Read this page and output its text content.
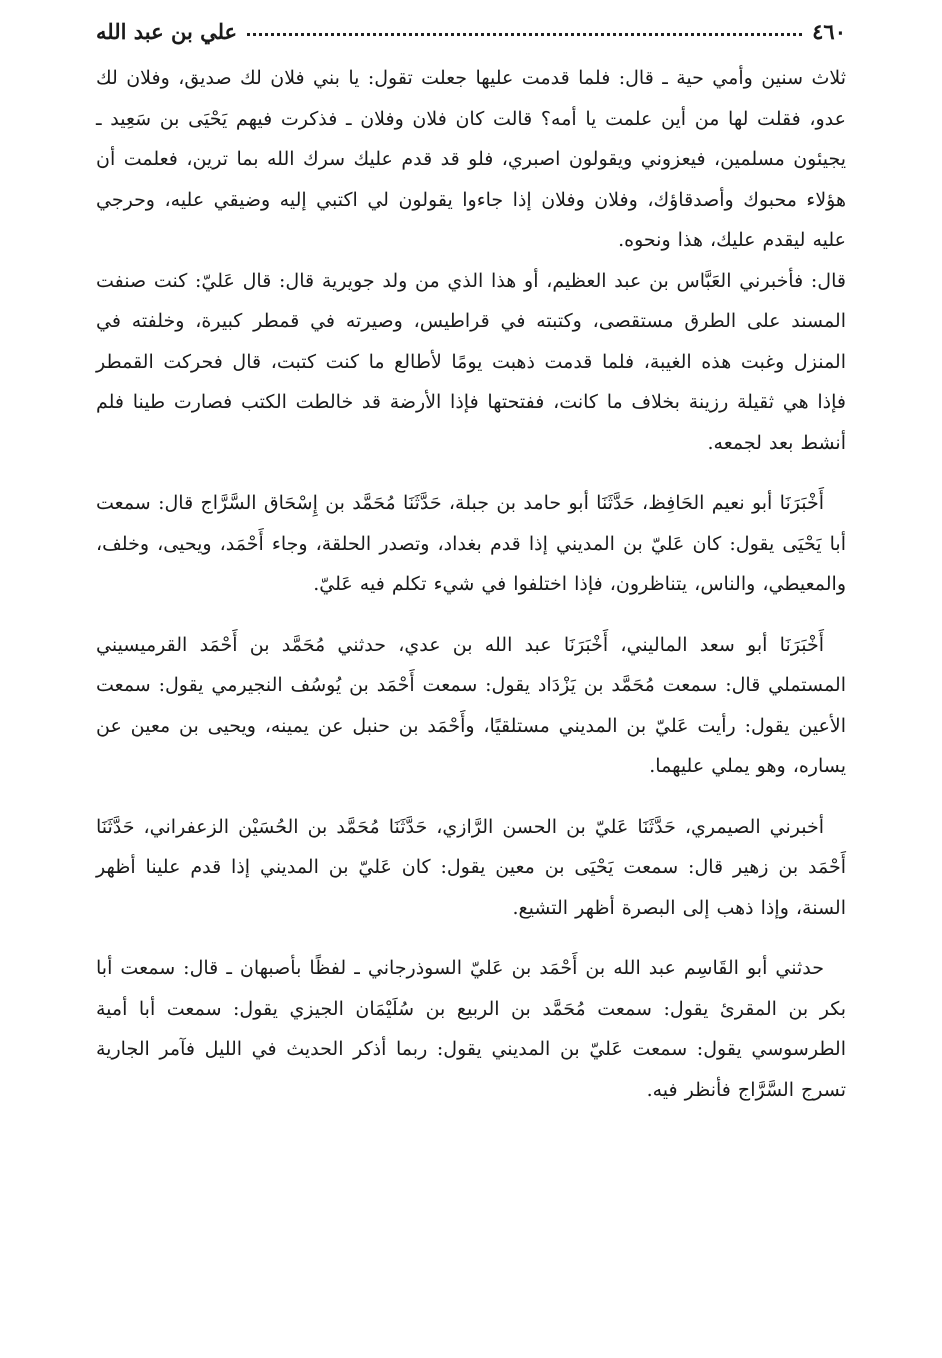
٤٦٠
علي بن عبد الله

ثلاث سنين وأمي حية ـ قال: فلما قدمت عليها جعلت تقول: يا بني فلان لك صديق، وفلان لك عدو، فقلت لها من أين علمت يا أمه؟ قالت كان فلان وفلان ـ فذكرت فيهم يَحْيَى بن سَعِيد ـ يجيئون مسلمين، فيعزوني ويقولون اصبري، فلو قد قدم عليك سرك الله بما ترين، فعلمت أن هؤلاء محبوك وأصدقاؤك، وفلان وفلان إذا جاءوا يقولون لي اكتبي إليه وضيقي عليه، وحرجي عليه ليقدم عليك، هذا ونحوه.

قال: فأخبرني العَبَّاس بن عبد العظيم، أو هذا الذي من ولد جويرية قال: قال عَليّ: كنت صنفت المسند على الطرق مستقصى، وكتبته في قراطيس، وصيرته في قمطر كبيرة، وخلفته في المنزل وغبت هذه الغيبة، فلما قدمت ذهبت يومًا لأطالع ما كنت كتبت، قال فحركت القمطر فإذا هي ثقيلة رزينة بخلاف ما كانت، ففتحتها فإذا الأرضة قد خالطت الكتب فصارت طينا فلم أنشط بعد لجمعه.

أَخْبَرَنَا أبو نعيم الحَافِظ، حَدَّثَنَا أبو حامد بن جبلة، حَدَّثَنَا مُحَمَّد بن إِسْحَاق السَّرَّاج قال: سمعت أبا يَحْيَى يقول: كان عَليّ بن المديني إذا قدم بغداد، وتصدر الحلقة، وجاء أَحْمَد، ويحيى، وخلف، والمعيطي، والناس، يتناظرون، فإذا اختلفوا في شيء تكلم فيه عَليّ.

أَخْبَرَنَا أبو سعد الماليني، أَخْبَرَنَا عبد الله بن عدي، حدثني مُحَمَّد بن أَحْمَد القرميسيني المستملي قال: سمعت مُحَمَّد بن يَزْدَاد يقول: سمعت أَحْمَد بن يُوسُف النجيرمي يقول: سمعت الأعين يقول: رأيت عَليّ بن المديني مستلقيًا، وأَحْمَد بن حنبل عن يمينه، ويحيى بن معين عن يساره، وهو يملي عليهما.

أخبرني الصيمري، حَدَّثَنَا عَليّ بن الحسن الرَّازي، حَدَّثَنَا مُحَمَّد بن الحُسَيْن الزعفراني، حَدَّثَنَا أَحْمَد بن زهير قال: سمعت يَحْيَى بن معين يقول: كان عَليّ بن المديني إذا قدم علينا أظهر السنة، وإذا ذهب إلى البصرة أظهر التشيع.

حدثني أبو القَاسِم عبد الله بن أَحْمَد بن عَليّ السوذرجاني ـ لفظًا بأصبهان ـ قال: سمعت أبا بكر بن المقرئ يقول: سمعت مُحَمَّد بن الربيع بن سُلَيْمَان الجيزي يقول: سمعت أبا أمية الطرسوسي يقول: سمعت عَليّ بن المديني يقول: ربما أذكر الحديث في الليل فآمر الجارية تسرج السَّرَّاج فأنظر فيه.
